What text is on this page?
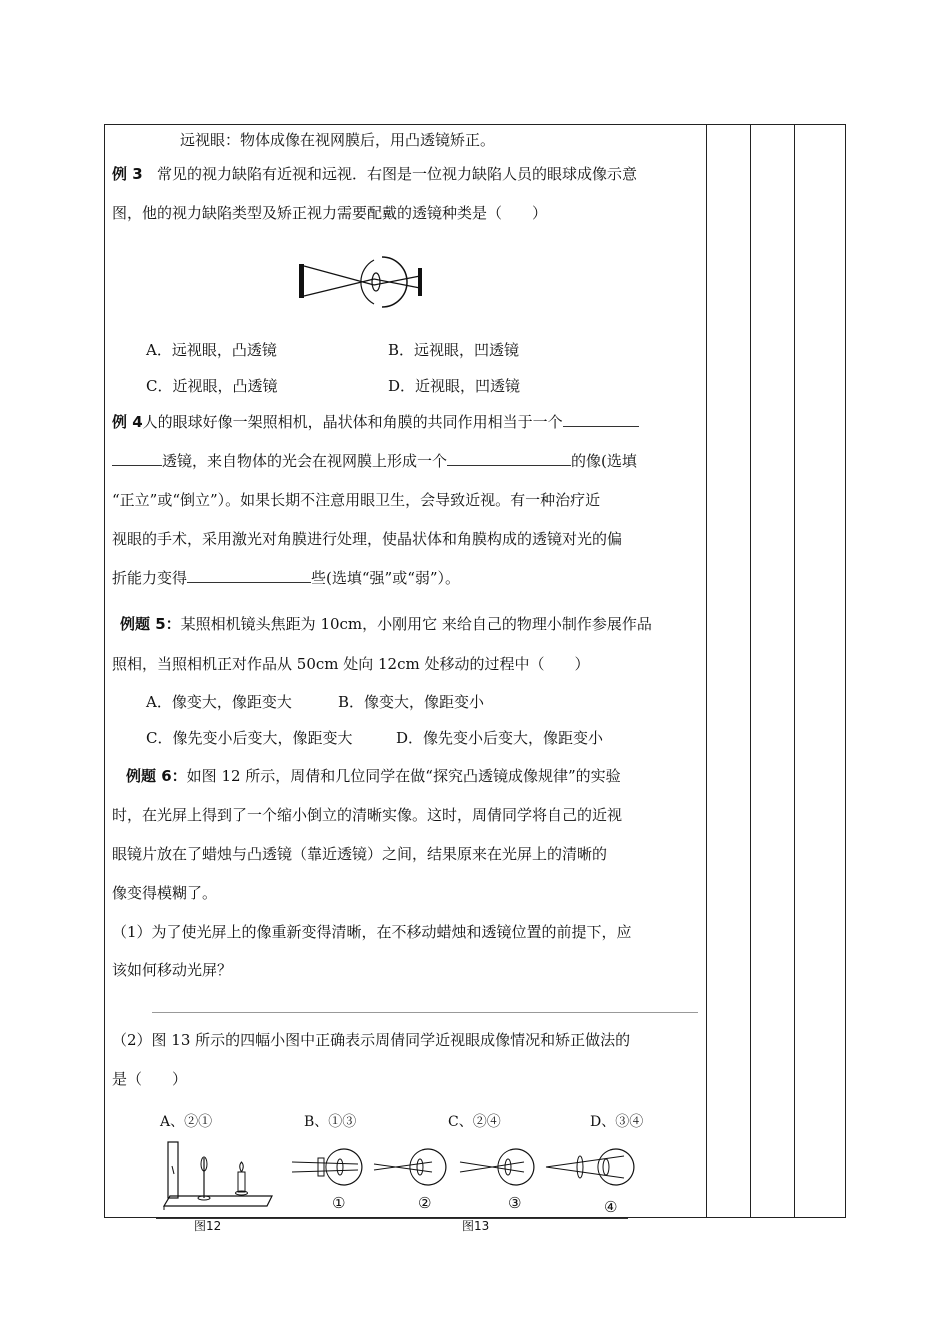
远视眼：物体成像在视网膜后，用凸透镜矫正。
例 3 常见的视力缺陷有近视和远视．右图是一位视力缺陷人员的眼球成像示意
图，他的视力缺陷类型及矫正视力需要配戴的透镜种类是（　　）
A．远视眼，凸透镜	B．远视眼，凹透镜
C．近视眼，凸透镜	D．近视眼，凹透镜
例 4人的眼球好像一架照相机，晶状体和角膜的共同作用相当于一个
透镜，来自物体的光会在视网膜上形成一个	的像(选填
“正立”或“倒立”）。如果长期不注意用眼卫生，会导致近视。有一种治疗近
视眼的手术，采用激光对角膜进行处理，使晶状体和角膜构成的透镜对光的偏
折能力变得	些(选填“强”或“弱”）。
例题 5：某照相机镜头焦距为 10cm，小刚用它 来给自己的物理小制作参展作品
照相，当照相机正对作品从 50cm 处向 12cm 处移动的过程中（　　）
A．像变大，像距变大	B．像变大，像距变小
C．像先变小后变大，像距变大	D．像先变小后变大，像距变小
例题 6：如图 12 所示，周倩和几位同学在做“探究凸透镜成像规律”的实验
时，在光屏上得到了一个缩小倒立的清晰实像。这时，周倩同学将自己的近视
眼镜片放在了蜡烛与凸透镜（靠近透镜）之间，结果原来在光屏上的清晰的
像变得模糊了。
（1）为了使光屏上的像重新变得清晰，在不移动蜡烛和透镜位置的前提下，应
该如何移动光屏？
（2）图 13 所示的四幅小图中正确表示周倩同学近视眼成像情况和矫正做法的
是（　　）
A、②①	B、①③	C、②④	D、③④
图12
①	②	③	④
图13
